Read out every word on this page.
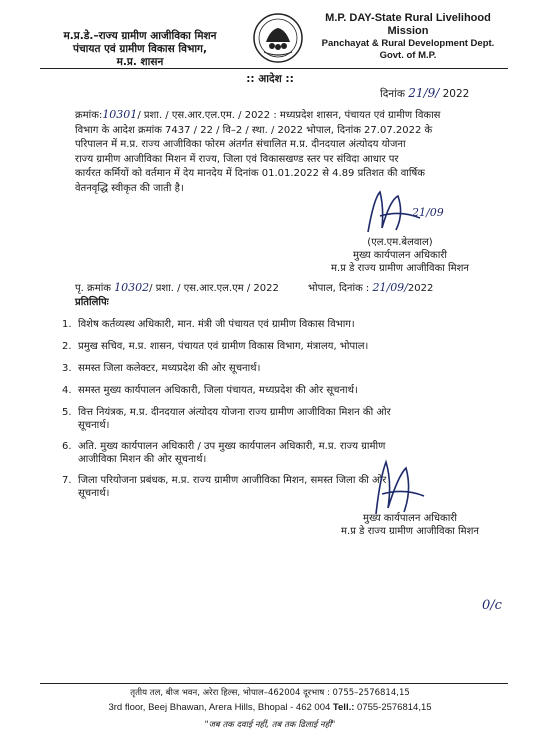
म.प्र.डे.–राज्य ग्रामीण आजीविका मिशन
पंचायत एवं ग्रामीण विकास विभाग,
म.प्र. शासन
M.P. DAY-State Rural Livelihood
Mission
Panchayat & Rural Development Dept.
Govt. of M.P.
:: आदेश ::
दिनांक 21/9/ 2022
क्रमांक:10301/ प्रशा. / एस.आर.एल.एम. / 2022 : मध्यप्रदेश शासन, पंचायत एवं ग्रामीण विकास
विभाग के आदेश क्रमांक 7437 / 22 / वि–2 / स्था. / 2022 भोपाल, दिनांक 27.07.2022 के
परिपालन में म.प्र. राज्य आजीविका फोरम अंतर्गत संचालित म.प्र. दीनदयाल अंत्योदय योजना
राज्य ग्रामीण आजीविका मिशन में राज्य, जिला एवं विकासखण्ड स्तर पर संविदा आधार पर
कार्यरत कर्मियों को वर्तमान में देय मानदेय में दिनांक 01.01.2022 से 4.89 प्रतिशत की वार्षिक
वेतनवृद्धि स्वीकृत की जाती है।
21/09
(एल.एम.बेलवाल)
मुख्य कार्यपालन अधिकारी
म.प्र डे राज्य ग्रामीण आजीविका मिशन
पृ. क्रमांक 10302/ प्रशा. / एस.आर.एल.एम / 2022	भोपाल, दिनांक : 21/09/2022
प्रतिलिपिः
1. विशेष कर्तव्यस्थ अधिकारी, मान. मंत्री जी पंचायत एवं ग्रामीण विकास विभाग।
2. प्रमुख सचिव, म.प्र. शासन, पंचायत एवं ग्रामीण विकास विभाग, मंत्रालय, भोपाल।
3. समस्त जिला कलेक्टर, मध्यप्रदेश की ओर सूचनार्थ।
4. समस्त मुख्य कार्यपालन अधिकारी, जिला पंचायत, मध्यप्रदेश की ओर सूचनार्थ।
5. वित्त नियंत्रक, म.प्र. दीनदयाल अंत्योदय योजना राज्य ग्रामीण आजीविका मिशन की ओर
सूचनार्थ।
6. अति. मुख्य कार्यपालन अधिकारी / उप मुख्य कार्यपालन अधिकारी, म.प्र. राज्य ग्रामीण
आजीविका मिशन की ओर सूचनार्थ।
7. जिला परियोजना प्रबंधक, म.प्र. राज्य ग्रामीण आजीविका मिशन, समस्त जिला की ओर
सूचनार्थ।
मुख्य कार्यपालन अधिकारी
म.प्र डे राज्य ग्रामीण आजीविका मिशन
0/c
तृतीय तल, बीज भवन, अरेरा हिल्स, भोपाल–462004 दूरभाष : 0755–2576814,15
3rd floor, Beej Bhawan, Arera Hills, Bhopal - 462 004 Tell.: 0755-2576814,15
"जब तक दवाई नहीं, तब तक ढिलाई नहीं"
